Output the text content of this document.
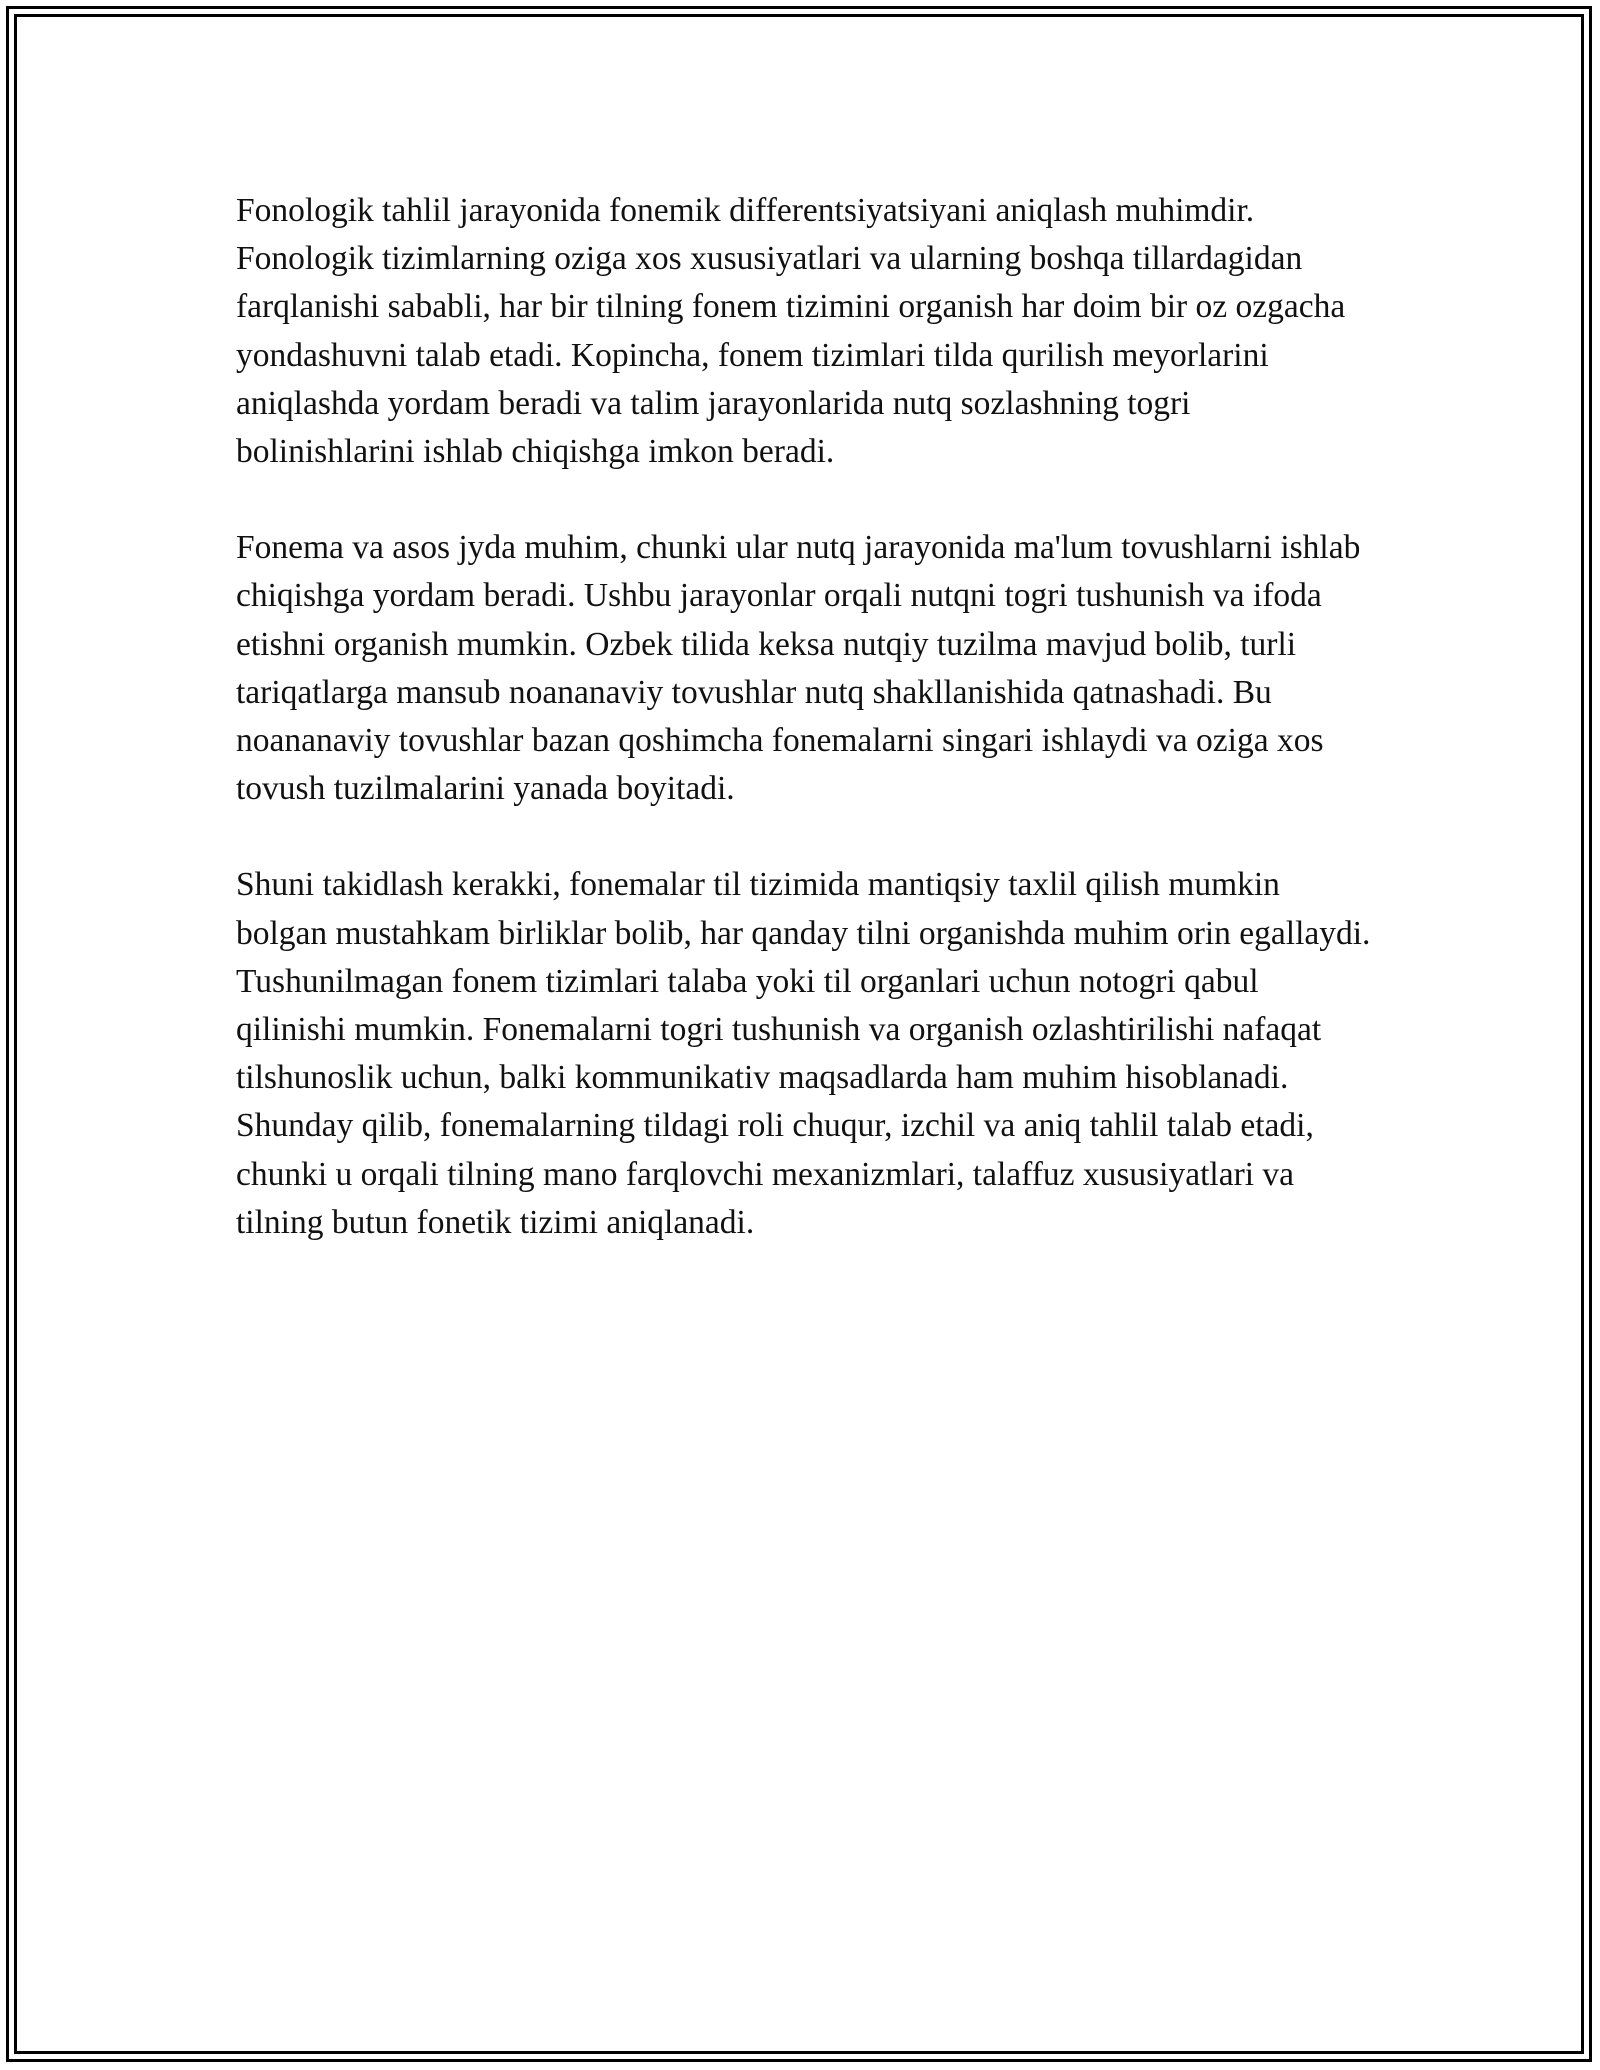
Fonologik tahlil jarayonida fonemik differentsiyatsiyani aniqlash muhimdir. Fonologik tizimlarning oziga xos xususiyatlari va ularning boshqa tillardagidan farqlanishi sababli, har bir tilning fonem tizimini organish har doim bir oz ozgacha yondashuvni talab etadi. Kopincha, fonem tizimlari tilda qurilish meyorlarini aniqlashda yordam beradi va talim jarayonlarida nutq sozlashning togri bolinishlarini ishlab chiqishga imkon beradi.

Fonema va asos jyda muhim, chunki ular nutq jarayonida ma'lum tovushlarni ishlab chiqishga yordam beradi. Ushbu jarayonlar orqali nutqni togri tushunish va ifoda etishni organish mumkin. Ozbek tilida keksa nutqiy tuzilma mavjud bolib, turli tariqatlarga mansub noananaviy tovushlar nutq shakllanishida qatnashadi. Bu noananaviy tovushlar bazan qoshimcha fonemalarni singari ishlaydi va oziga xos tovush tuzilmalarini yanada boyitadi.

Shuni takidlash kerakki, fonemalar til tizimida mantiqsiy taxlil qilish mumkin bolgan mustahkam birliklar bolib, har qanday tilni organishda muhim orin egallaydi. Tushunilmagan fonem tizimlari talaba yoki til organlari uchun notogri qabul qilinishi mumkin. Fonemalarni togri tushunish va organish ozlashtirilishi nafaqat tilshunoslik uchun, balki kommunikativ maqsadlarda ham muhim hisoblanadi. Shunday qilib, fonemalarning tildagi roli chuqur, izchil va aniq tahlil talab etadi, chunki u orqali tilning mano farqlovchi mexanizmlari, talaffuz xususiyatlari va tilning butun fonetik tizimi aniqlanadi.
